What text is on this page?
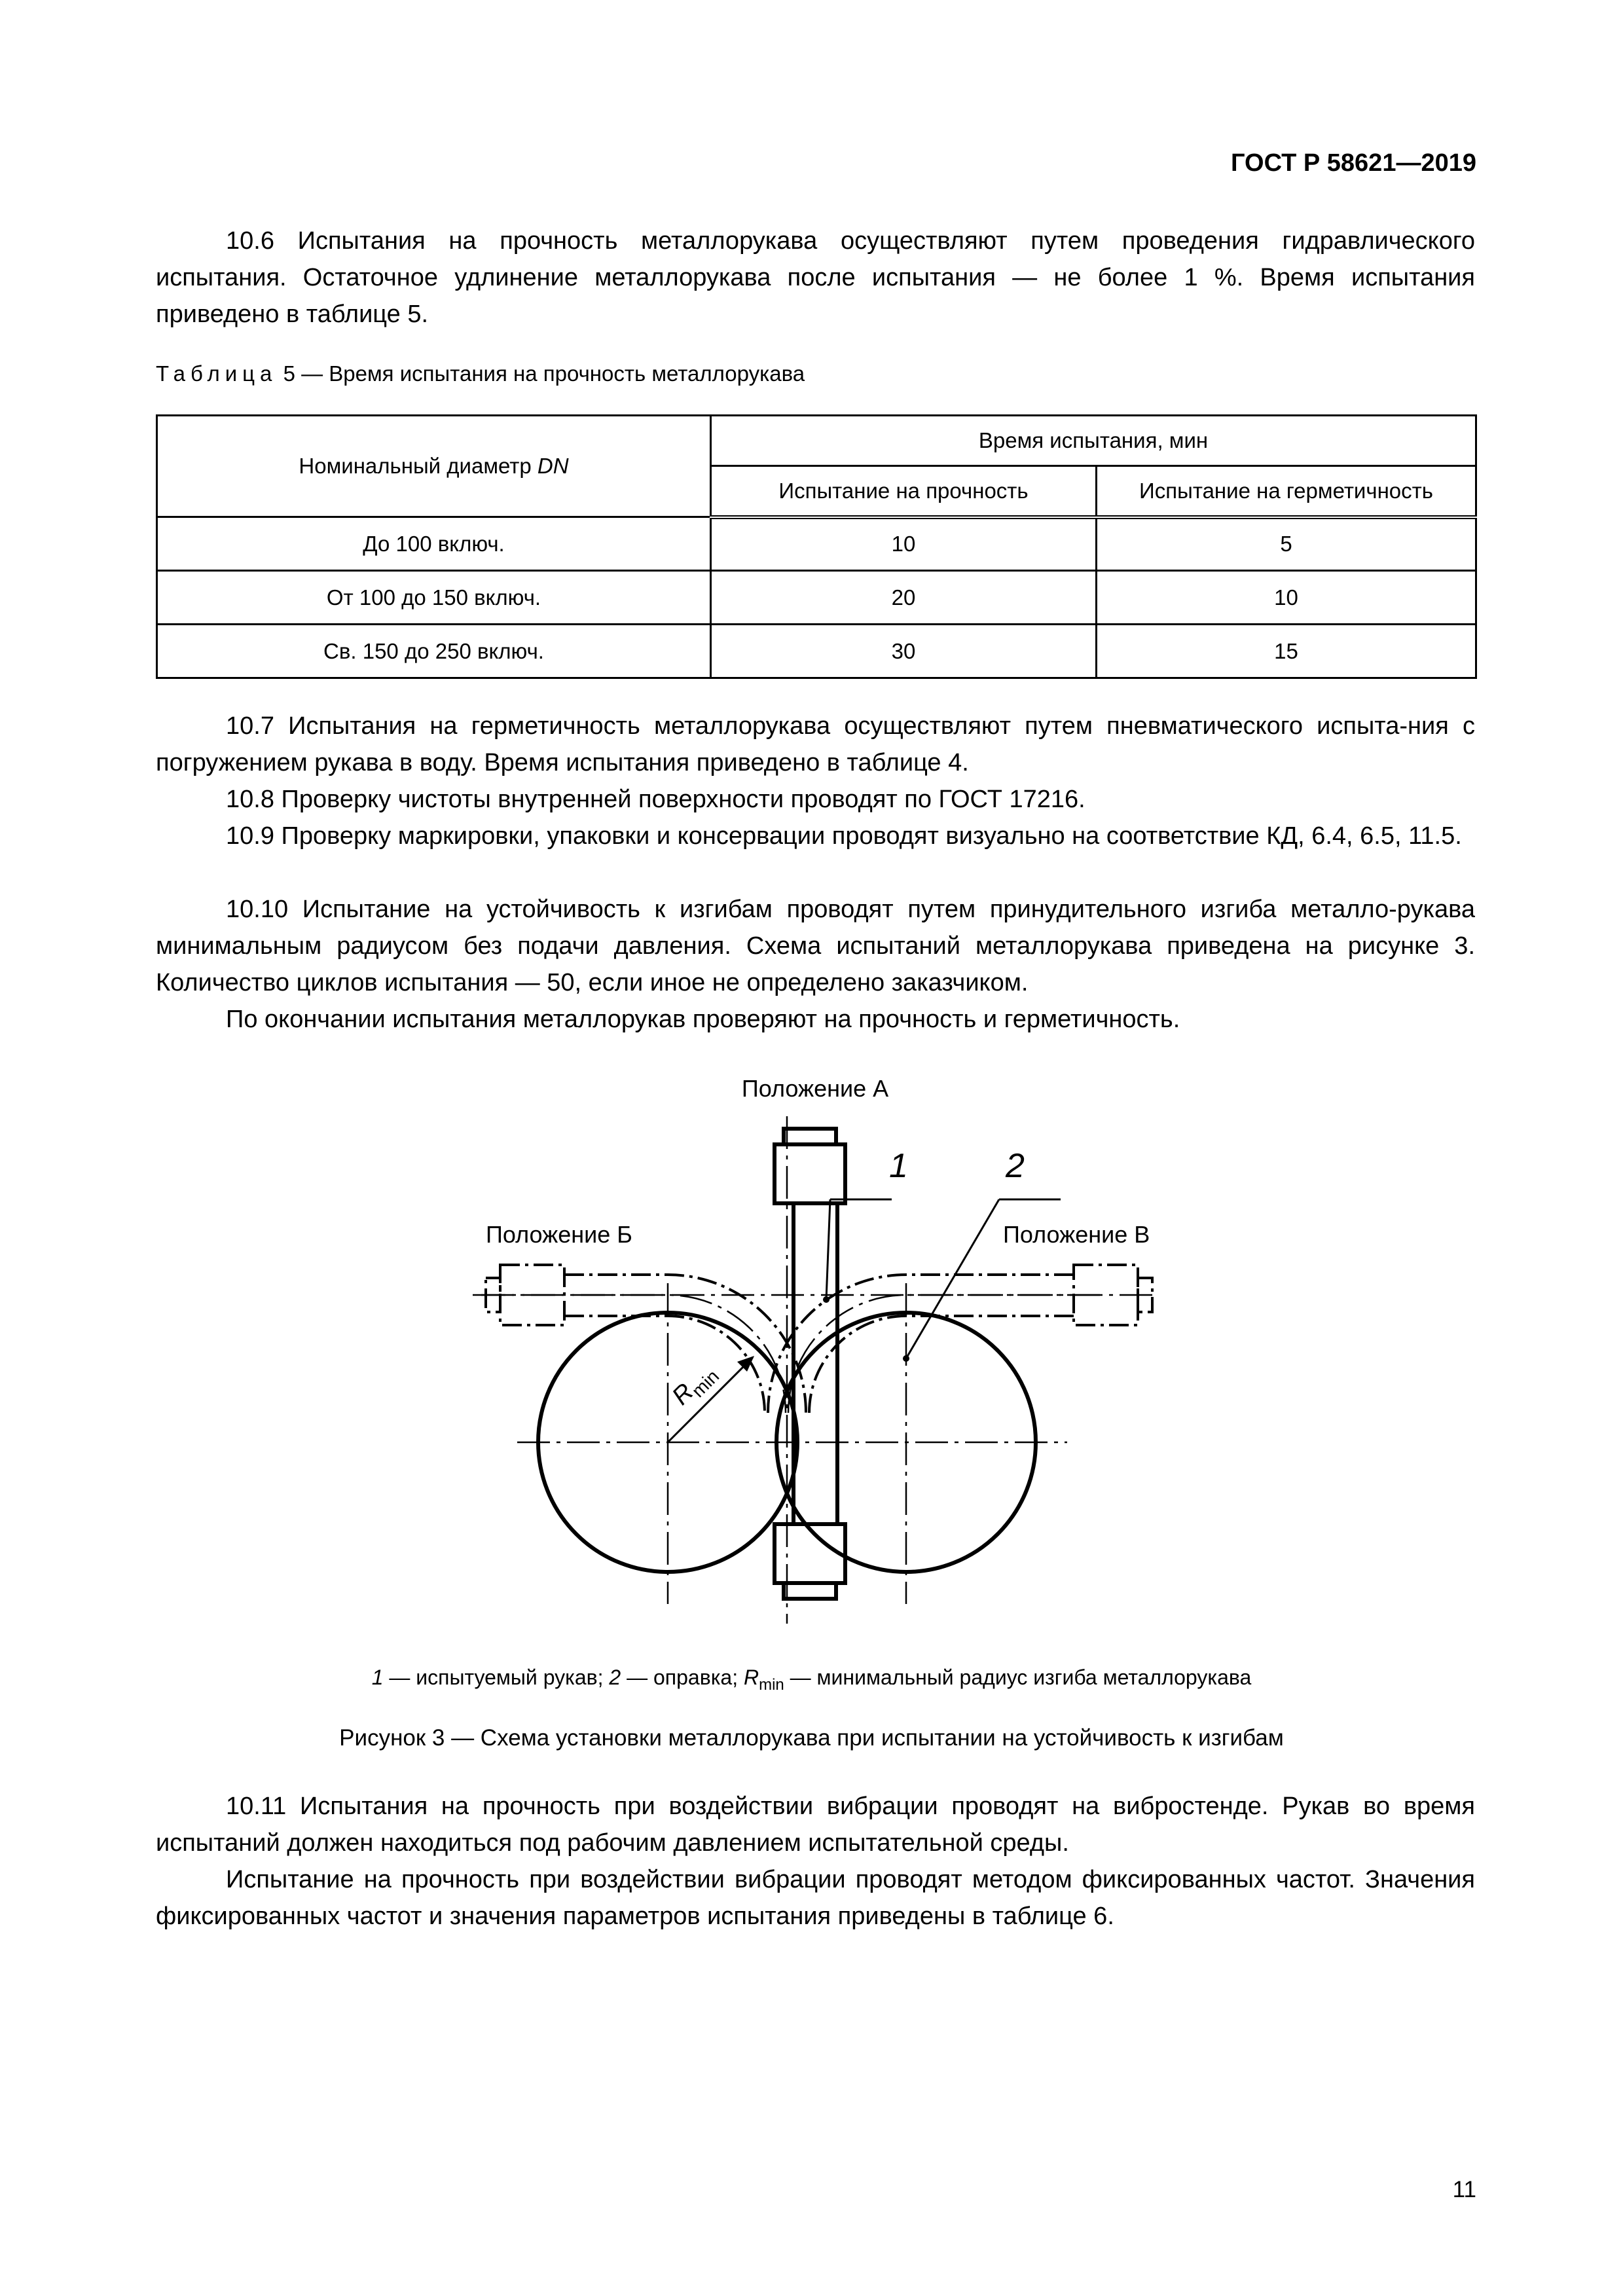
ГОСТ Р 58621—2019

10.6 Испытания на прочность металлорукава осуществляют путем проведения гидравлического испытания. Остаточное удлинение металлорукава после испытания — не более 1 %. Время испытания приведено в таблице 5.

Таблица 5 — Время испытания на прочность металлорукава
Номинальный диаметр DN	Время испытания, мин	
	Испытание на прочность	Испытание на герметичность
До 100 включ.	10	5
От 100 до 150 включ.	20	10
Св. 150 до 250 включ.	30	15

10.7 Испытания на герметичность металлорукава осуществляют путем пневматического испыта-ния с погружением рукава в воду. Время испытания приведено в таблице 4.

10.8 Проверку чистоты внутренней поверхности проводят по ГОСТ 17216.

10.9 Проверку маркировки, упаковки и консервации проводят визуально на соответствие КД, 6.4, 6.5, 11.5.

10.10 Испытание на устойчивость к изгибам проводят путем принудительного изгиба металло-рукава минимальным радиусом без подачи давления. Схема испытаний металлорукава приведена на рисунке 3. Количество циклов испытания — 50, если иное не определено заказчиком.

По окончании испытания металлорукав проверяют на прочность и герметичность.

Положение А
Положение Б	Положение В
1	2
R
min
1 — испытуемый рукав; 2 — оправка; $R_{min}$ — минимальный радиус изгиба металлорукава
Рисунок 3 — Схема установки металлорукава при испытании на устойчивость к изгибам

10.11 Испытания на прочность при воздействии вибрации проводят на вибростенде. Рукав во время испытаний должен находиться под рабочим давлением испытательной среды.

Испытание на прочность при воздействии вибрации проводят методом фиксированных частот. Значения фиксированных частот и значения параметров испытания приведены в таблице 6.

11
